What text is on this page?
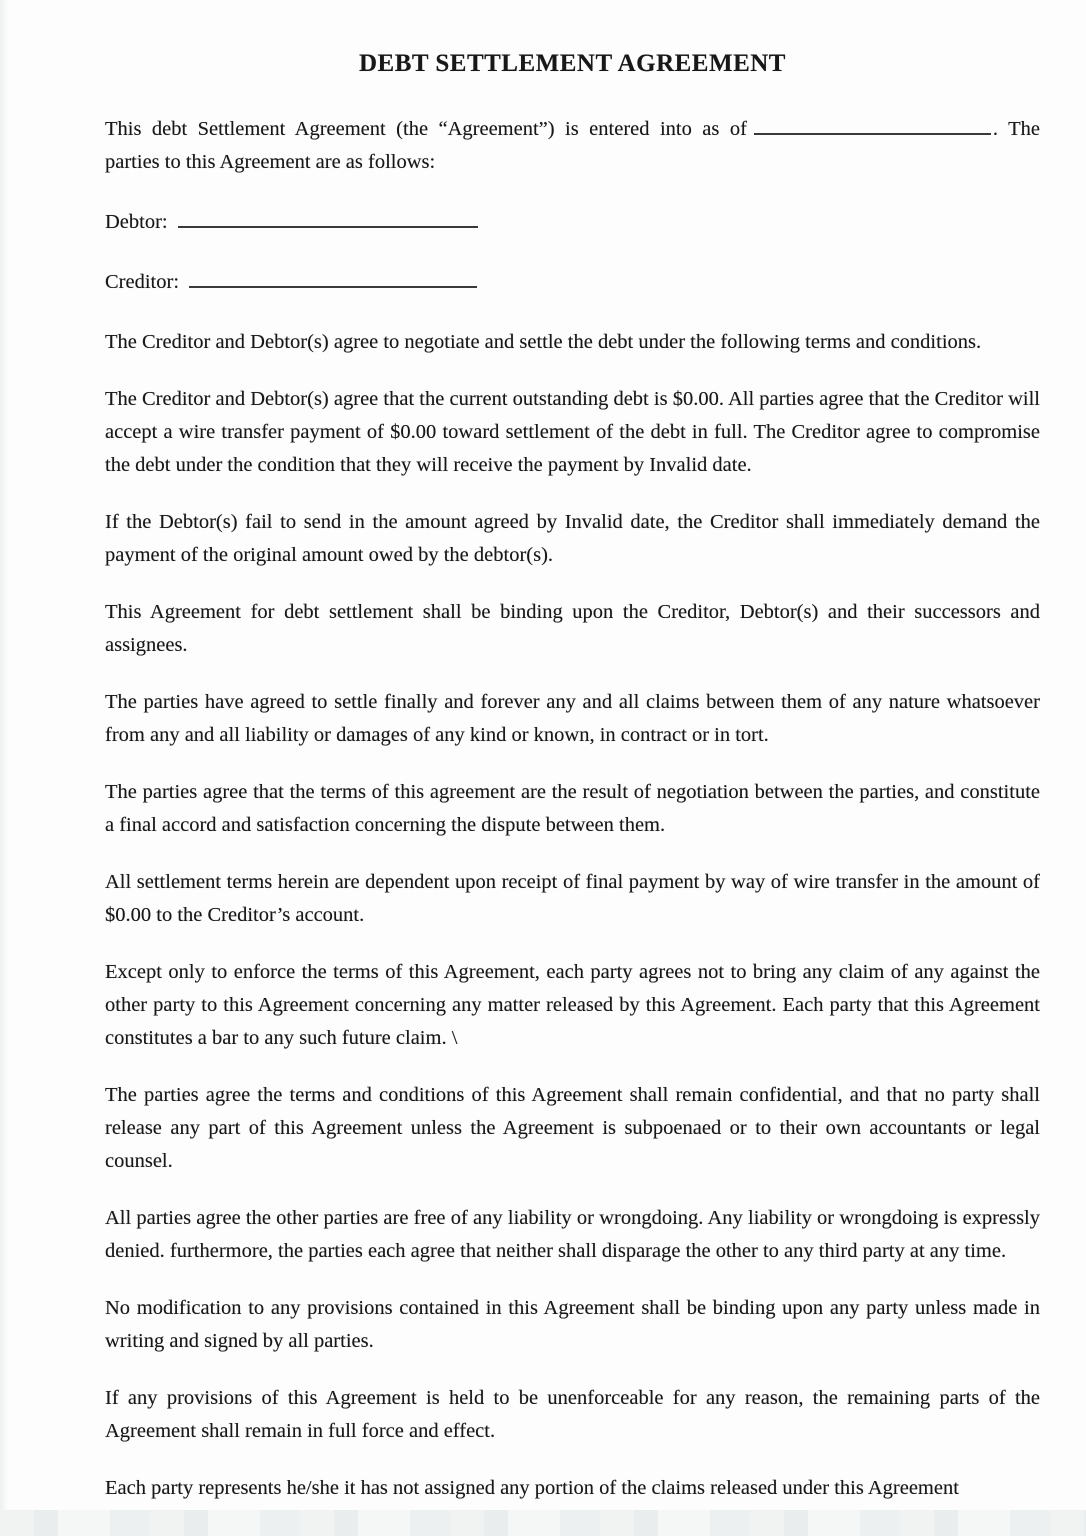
DEBT SETTLEMENT AGREEMENT

This debt Settlement Agreement (the “Agreement”) is entered into as of	. The parties to this Agreement are as follows:

Debtor:
Creditor:

The Creditor and Debtor(s) agree to negotiate and settle the debt under the following terms and conditions.

The Creditor and Debtor(s) agree that the current outstanding debt is $0.00. All parties agree that the Creditor will accept a wire transfer payment of $0.00 toward settlement of the debt in full. The Creditor agree to compromise the debt under the condition that they will receive the payment by Invalid date.

If the Debtor(s) fail to send in the amount agreed by Invalid date, the Creditor shall immediately demand the payment of the original amount owed by the debtor(s).

This Agreement for debt settlement shall be binding upon the Creditor, Debtor(s) and their successors and assignees.

The parties have agreed to settle finally and forever any and all claims between them of any nature whatsoever from any and all liability or damages of any kind or known, in contract or in tort.

The parties agree that the terms of this agreement are the result of negotiation between the parties, and constitute a final accord and satisfaction concerning the dispute between them.

All settlement terms herein are dependent upon receipt of final payment by way of wire transfer in the amount of $0.00 to the Creditor’s account.

Except only to enforce the terms of this Agreement, each party agrees not to bring any claim of any against the other party to this Agreement concerning any matter released by this Agreement. Each party that this Agreement constitutes a bar to any such future claim. \

The parties agree the terms and conditions of this Agreement shall remain confidential, and that no party shall release any part of this Agreement unless the Agreement is subpoenaed or to their own accountants or legal counsel.

All parties agree the other parties are free of any liability or wrongdoing. Any liability or wrongdoing is expressly denied. furthermore, the parties each agree that neither shall disparage the other to any third party at any time.

No modification to any provisions contained in this Agreement shall be binding upon any party unless made in writing and signed by all parties.

If any provisions of this Agreement is held to be unenforceable for any reason, the remaining parts of the Agreement shall remain in full force and effect.

Each party represents he/she it has not assigned any portion of the claims released under this Agreement
